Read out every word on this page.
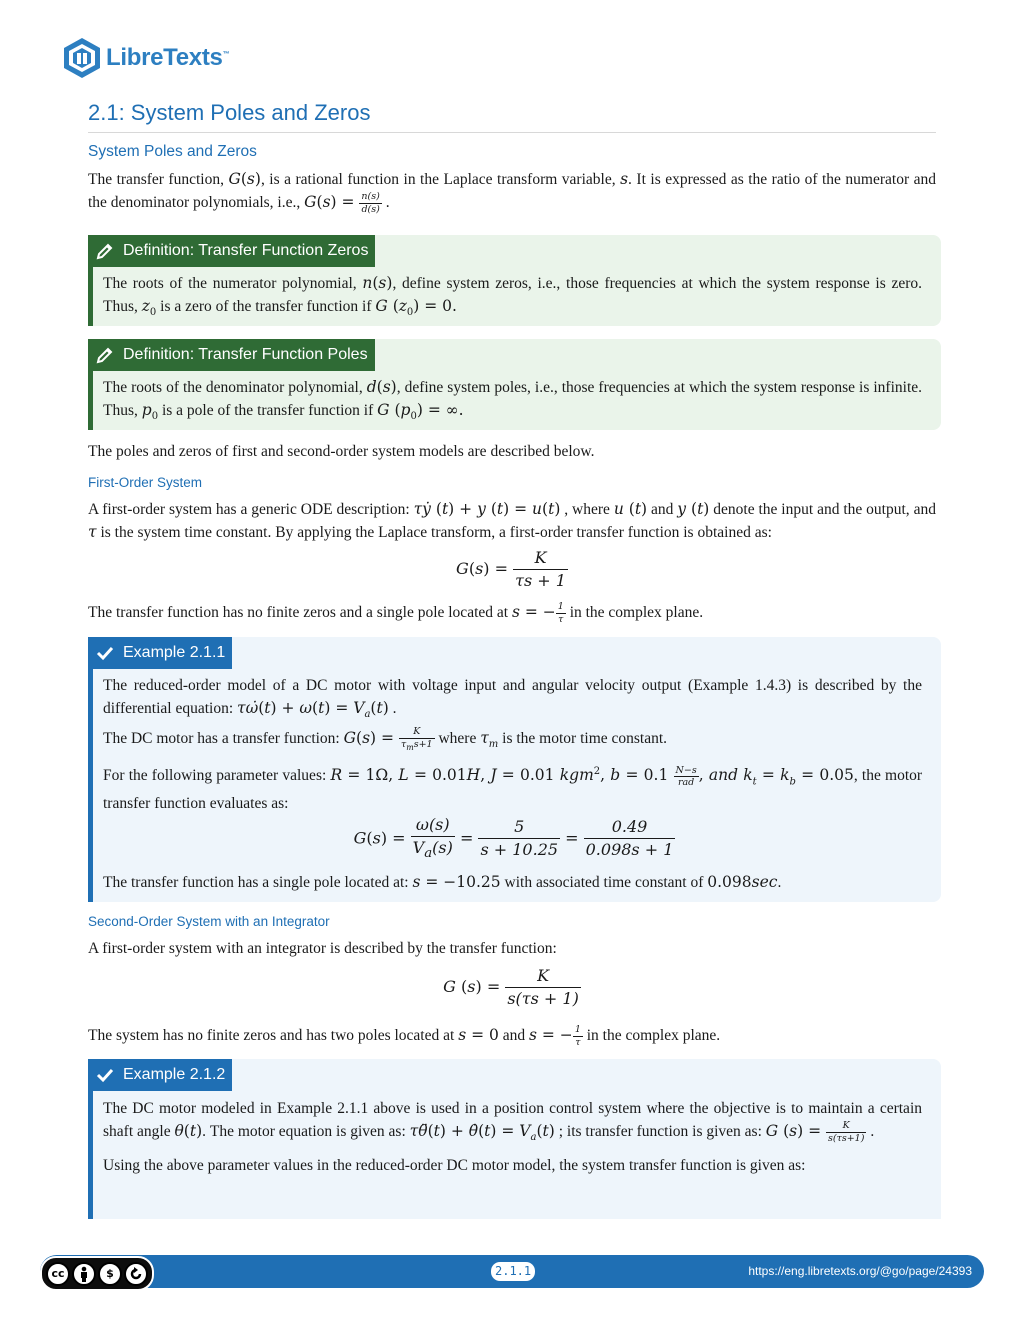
LibreTexts™
2.1: System Poles and Zeros
System Poles and Zeros
The transfer function, G(s), is a rational function in the Laplace transform variable, s. It is expressed as the ratio of the numerator and the denominator polynomials, i.e., $G(s) = \frac{n(s)}{d(s)}$ .
Definition: Transfer Function Zeros
The roots of the numerator polynomial, n(s), define system zeros, i.e., those frequencies at which the system response is zero. Thus, $z_0$ is a zero of the transfer function if G $(z_0) = 0$.
Definition: Transfer Function Poles
The roots of the denominator polynomial, d(s), define system poles, i.e., those frequencies at which the system response is infinite. Thus, $p_0$ is a pole of the transfer function if G $(p_0)$ = ∞.
The poles and zeros of first and second-order system models are described below.
First-Order System
A first-order system has a generic ODE description: τẏ (t) + y (t) = u(t) , where u (t) and y (t) denote the input and the output, and τ is the system time constant. By applying the Laplace transform, a first-order transfer function is obtained as:
$G(s) = \frac{K}{\tau s + 1}$
The transfer function has no finite zeros and a single pole located at s = − $\frac{1}{\tau}$ in the complex plane.
Example 2.1.1
The reduced-order model of a DC motor with voltage input and angular velocity output (Example 1.4.3) is described by the differential equation: τω̇(t) + $\omega(t) = V_a(t)$ .
The DC motor has a transfer function: $G(s) = \frac{K}{\tau_ms+1}$ where $\tau_m$ is the motor time constant.
For the following parameter values: R = 1Ω, L = 0.01H, J = 0.01 kgm$^2$, $b = 0.1 \frac{N-s}{\text{rad}}$ , and $k_t = k_b = 0.05$, the motor transfer function evaluates as:
$G(s) = \frac{\omega(s)}{V_a(s)} = \frac{5}{s + 10.25} = \frac{0.49}{0.098s + 1}$
The transfer function has a single pole located at: s = −10.25 with associated time constant of 0.098sec.
Second-Order System with an Integrator
A first-order system with an integrator is described by the transfer function:
G $(s) = \frac{K}{s(\tau s + 1)}$
The system has no finite zeros and has two poles located at s = 0 and s = − $\frac{1}{\tau}$ in the complex plane.
Example 2.1.2
The DC motor modeled in Example 2.1.1 above is used in a position control system where the objective is to maintain a certain shaft angle θ(t). The motor equation is given as: τθ̈(t) + θ̇(t) = $V_a(t)$ ; its transfer function is given as: G $(s) = \frac{K}{s(\tau s+1)}$ .
Using the above parameter values in the reduced-order DC motor model, the system transfer function is given as:
cc	$	2.1.1	https://eng.libretexts.org/@go/page/24393
